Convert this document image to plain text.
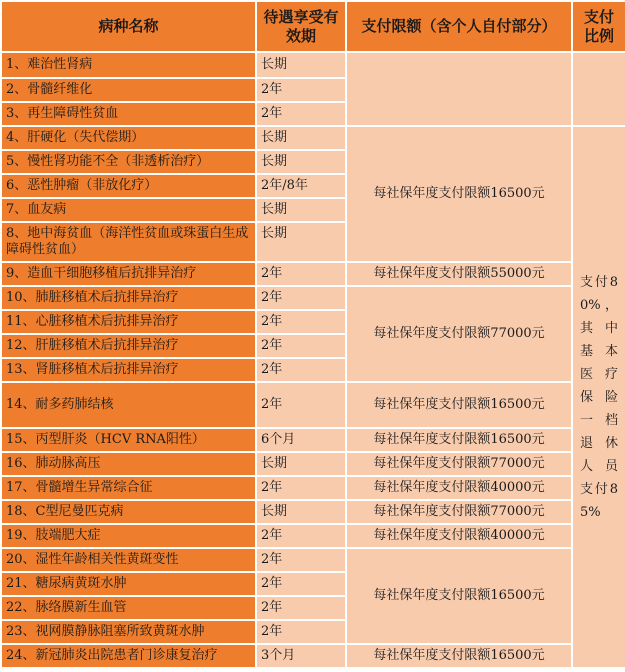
病种名称	待遇享受有效期	支付限额（含个人自付部分）	支付比例	
1、难治性肾病	长期			
2、骨髓纤维化	2年			
3、再生障碍性贫血	2年			
4、肝硬化（失代偿期）	长期	每社保年度支付限额16500元	支付80%，其中基本医疗保险一档退休人员支付85%	
5、慢性肾功能不全（非透析治疗）	长期			
6、恶性肿瘤（非放化疗）	2年/8年			
7、血友病	长期			
8、地中海贫血（海洋性贫血或珠蛋白生成障碍性贫血）	长期			
9、造血干细胞移植后抗排异治疗	2年	每社保年度支付限额55000元		
10、肺脏移植术后抗排异治疗	2年	每社保年度支付限额77000元		
11、心脏移植术后抗排异治疗	2年			
12、肝脏移植术后抗排异治疗	2年			
13、肾脏移植术后抗排异治疗	2年			
14、耐多药肺结核	2年	每社保年度支付限额16500元		
15、丙型肝炎（HCV RNA阳性）	6个月	每社保年度支付限额16500元		
16、肺动脉高压	长期	每社保年度支付限额77000元		
17、骨髓增生异常综合征	2年	每社保年度支付限额40000元		
18、C型尼曼匹克病	长期	每社保年度支付限额77000元		
19、肢端肥大症	2年	每社保年度支付限额40000元		
20、湿性年龄相关性黄斑变性	2年	每社保年度支付限额16500元		
21、糖尿病黄斑水肿	2年			
22、脉络膜新生血管	2年			
23、视网膜静脉阻塞所致黄斑水肿	2年			
24、新冠肺炎出院患者门诊康复治疗	3个月	每社保年度支付限额16500元		
